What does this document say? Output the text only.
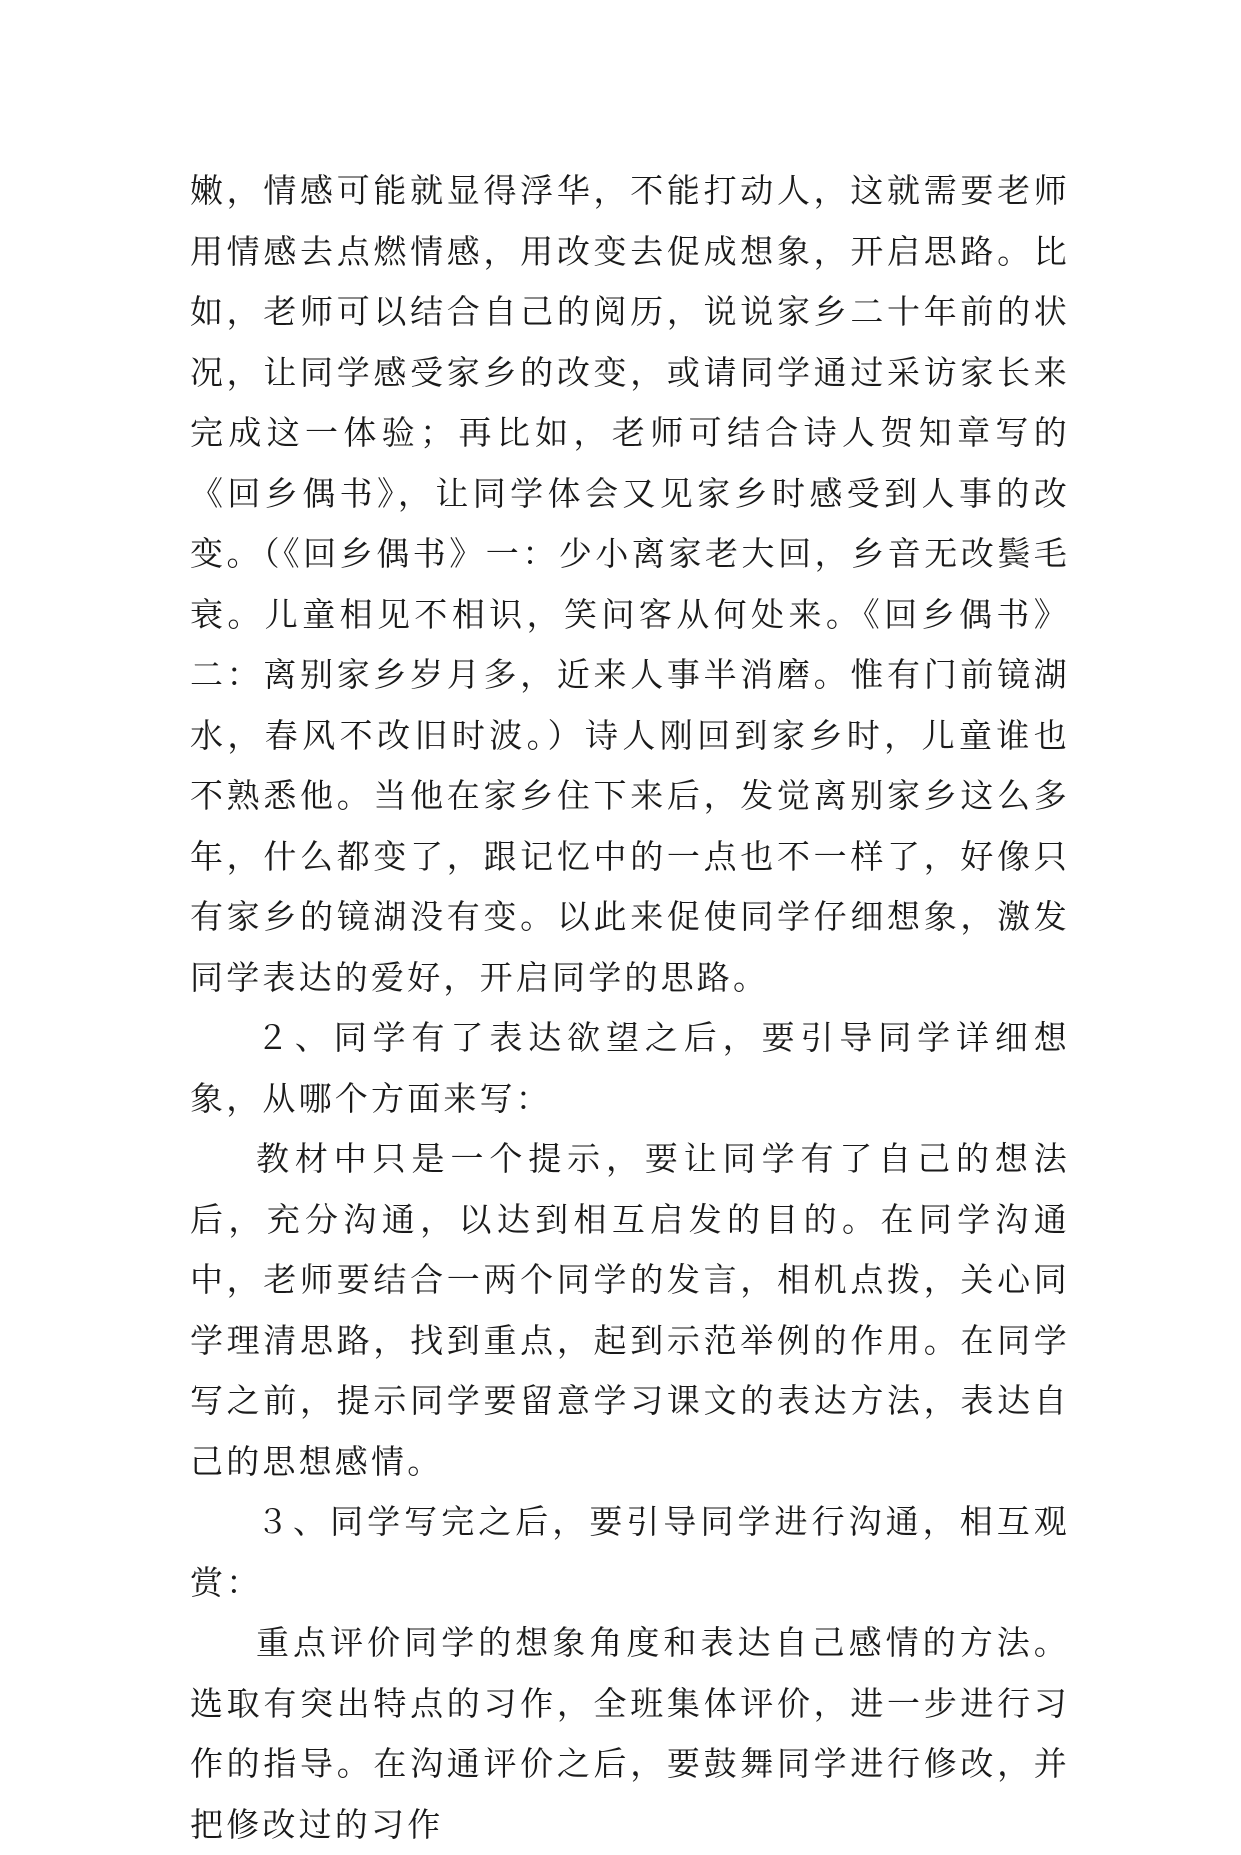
嫩，情感可能就显得浮华，不能打动人，这就需要老师用情感去点燃情感，用改变去促成想象，开启思路。比如，老师可以结合自己的阅历，说说家乡二十年前的状况，让同学感受家乡的改变，或请同学通过采访家长来完成这一体验；再比如，老师可结合诗人贺知章写的《回乡偶书》，让同学体会又见家乡时感受到人事的改变。（《回乡偶书》一：少小离家老大回，乡音无改鬓毛衰。儿童相见不相识，笑问客从何处来。《回乡偶书》二：离别家乡岁月多，近来人事半消磨。惟有门前镜湖水，春风不改旧时波。）诗人刚回到家乡时，儿童谁也不熟悉他。当他在家乡住下来后，发觉离别家乡这么多年，什么都变了，跟记忆中的一点也不一样了，好像只有家乡的镜湖没有变。以此来促使同学仔细想象，激发同学表达的爱好，开启同学的思路。

２、同学有了表达欲望之后，要引导同学详细想象，从哪个方面来写：

教材中只是一个提示，要让同学有了自己的想法后，充分沟通，以达到相互启发的目的。在同学沟通中，老师要结合一两个同学的发言，相机点拨，关心同学理清思路，找到重点，起到示范举例的作用。在同学写之前，提示同学要留意学习课文的表达方法，表达自己的思想感情。

３、同学写完之后，要引导同学进行沟通，相互观赏：

重点评价同学的想象角度和表达自己感情的方法。选取有突出特点的习作，全班集体评价，进一步进行习作的指导。在沟通评价之后，要鼓舞同学进行修改，并把修改过的习作
